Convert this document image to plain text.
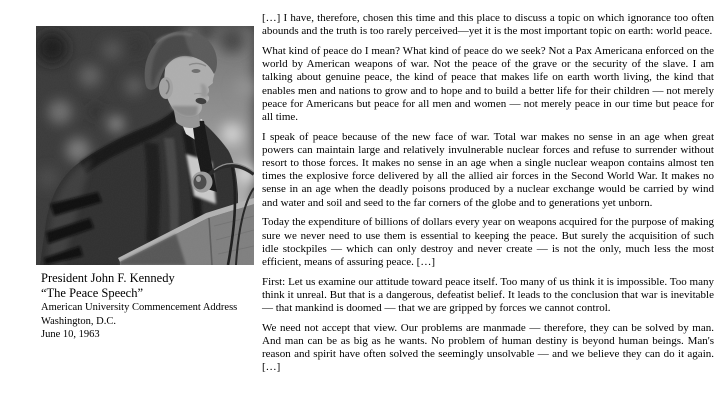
President John F. Kennedy
“The Peace Speech”
American University Commencement Address
Washington, D.C.
June 10, 1963

[…] I have, therefore, chosen this time and this place to discuss a topic on which ignorance too often abounds and the truth is too rarely perceived—yet it is the most important topic on earth: world peace.

What kind of peace do I mean? What kind of peace do we seek? Not a Pax Americana enforced on the world by American weapons of war. Not the peace of the grave or the security of the slave. I am talking about genuine peace, the kind of peace that makes life on earth worth living, the kind that enables men and nations to grow and to hope and to build a better life for their children — not merely peace for Americans but peace for all men and women — not merely peace in our time but peace for all time.

I speak of peace because of the new face of war. Total war makes no sense in an age when great powers can maintain large and relatively invulnerable nuclear forces and refuse to surrender without resort to those forces. It makes no sense in an age when a single nuclear weapon contains almost ten times the explosive force delivered by all the allied air forces in the Second World War. It makes no sense in an age when the deadly poisons produced by a nuclear exchange would be carried by wind and water and soil and seed to the far corners of the globe and to generations yet unborn.

Today the expenditure of billions of dollars every year on weapons acquired for the purpose of making sure we never need to use them is essential to keeping the peace. But surely the acquisition of such idle stockpiles — which can only destroy and never create — is not the only, much less the most efficient, means of assuring peace. […]

First: Let us examine our attitude toward peace itself. Too many of us think it is impossible. Too many think it unreal. But that is a dangerous, defeatist belief. It leads to the conclusion that war is inevitable — that mankind is doomed — that we are gripped by forces we cannot control.

We need not accept that view. Our problems are manmade — therefore, they can be solved by man. And man can be as big as he wants. No problem of human destiny is beyond human beings. Man's reason and spirit have often solved the seemingly unsolvable — and we believe they can do it again. […]
